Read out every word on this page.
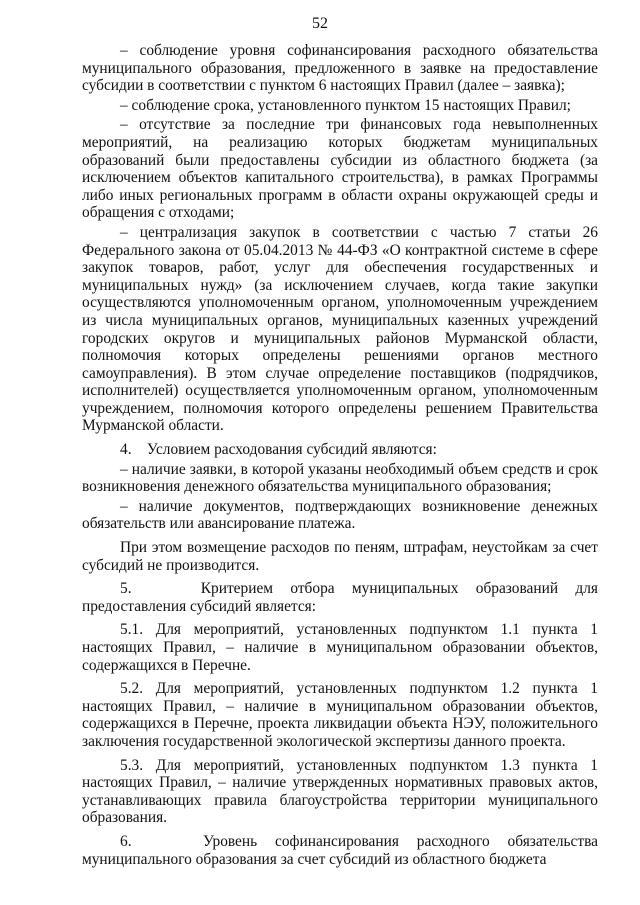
52

– соблюдение уровня софинансирования расходного обязательства муниципального образования, предложенного в заявке на предоставление субсидии в соответствии с пунктом 6 настоящих Правил (далее – заявка);

– соблюдение срока, установленного пунктом 15 настоящих Правил;

– отсутствие за последние три финансовых года невыполненных мероприятий, на реализацию которых бюджетам муниципальных образований были предоставлены субсидии из областного бюджета (за исключением объектов капитального строительства), в рамках Программы либо иных региональных программ в области охраны окружающей среды и обращения с отходами;

– централизация закупок в соответствии с частью 7 статьи 26 Федерального закона от 05.04.2013 № 44-ФЗ «О контрактной системе в сфере закупок товаров, работ, услуг для обеспечения государственных и муниципальных нужд» (за исключением случаев, когда такие закупки осуществляются уполномоченным органом, уполномоченным учреждением из числа муниципальных органов, муниципальных казенных учреждений городских округов и муниципальных районов Мурманской области, полномочия которых определены решениями органов местного самоуправления). В этом случае определение поставщиков (подрядчиков, исполнителей) осуществляется уполномоченным органом, уполномоченным учреждением, полномочия которого определены решением Правительства Мурманской области.

4.    Условием расходования субсидий являются:

– наличие заявки, в которой указаны необходимый объем средств и срок возникновения денежного обязательства муниципального образования;

– наличие документов, подтверждающих возникновение денежных обязательств или авансирование платежа.

При этом возмещение расходов по пеням, штрафам, неустойкам за счет субсидий не производится.

5.    Критерием отбора муниципальных образований для предоставления субсидий является:

5.1. Для мероприятий, установленных подпунктом 1.1 пункта 1 настоящих Правил, – наличие в муниципальном образовании объектов, содержащихся в Перечне.

5.2. Для мероприятий, установленных подпунктом 1.2 пункта 1 настоящих Правил, – наличие в муниципальном образовании объектов, содержащихся в Перечне, проекта ликвидации объекта НЭУ, положительного заключения государственной экологической экспертизы данного проекта.

5.3. Для мероприятий, установленных подпунктом 1.3 пункта 1 настоящих Правил, – наличие утвержденных нормативных правовых актов, устанавливающих правила благоустройства территории муниципального образования.

6.    Уровень софинансирования расходного обязательства муниципального образования за счет субсидий из областного бюджета
